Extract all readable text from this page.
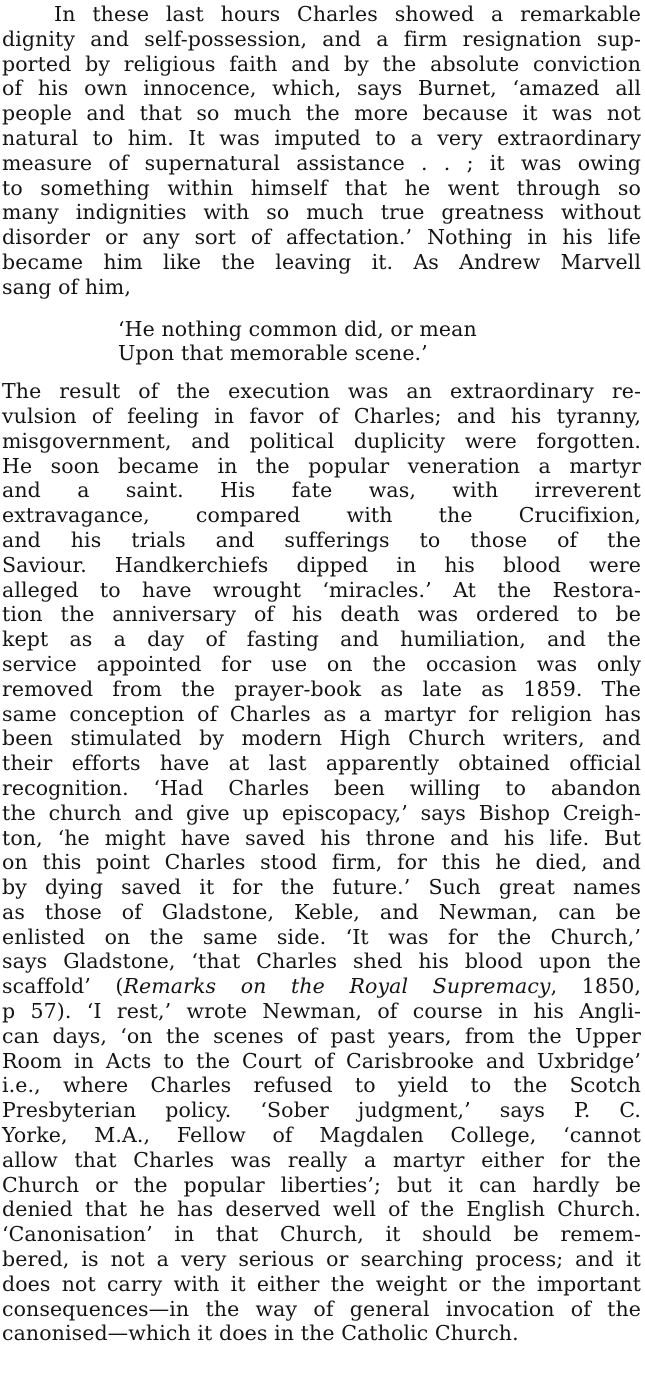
In these last hours Charles showed a remarkable
dignity and self-possession, and a firm resignation sup-
ported by religious faith and by the absolute conviction
of his own innocence, which, says Burnet, ‘amazed all
people and that so much the more because it was not
natural to him. It was imputed to a very extraordinary
measure of supernatural assistance . . ; it was owing
to something within himself that he went through so
many indignities with so much true greatness without
disorder or any sort of affectation.’ Nothing in his life
became him like the leaving it. As Andrew Marvell
sang of him,
‘He nothing common did, or mean
Upon that memorable scene.’
The result of the execution was an extraordinary re-
vulsion of feeling in favor of Charles; and his tyranny,
misgovernment, and political duplicity were forgotten.
He soon became in the popular veneration a martyr
and a saint. His fate was, with irreverent
extravagance, compared with the Crucifixion,
and his trials and sufferings to those of the
Saviour. Handkerchiefs dipped in his blood were
alleged to have wrought ‘miracles.’ At the Restora-
tion the anniversary of his death was ordered to be
kept as a day of fasting and humiliation, and the
service appointed for use on the occasion was only
removed from the prayer-book as late as 1859. The
same conception of Charles as a martyr for religion has
been stimulated by modern High Church writers, and
their efforts have at last apparently obtained official
recognition. ‘Had Charles been willing to abandon
the church and give up episcopacy,’ says Bishop Creigh-
ton, ‘he might have saved his throne and his life. But
on this point Charles stood firm, for this he died, and
by dying saved it for the future.’ Such great names
as those of Gladstone, Keble, and Newman, can be
enlisted on the same side. ‘It was for the Church,’
says Gladstone, ‘that Charles shed his blood upon the
scaffold’ (Remarks on the Royal Supremacy, 1850,
p 57). ‘I rest,’ wrote Newman, of course in his Angli-
can days, ‘on the scenes of past years, from the Upper
Room in Acts to the Court of Carisbrooke and Uxbridge’
i.e., where Charles refused to yield to the Scotch
Presbyterian policy. ‘Sober judgment,’ says P. C.
Yorke, M.A., Fellow of Magdalen College, ‘cannot
allow that Charles was really a martyr either for the
Church or the popular liberties’; but it can hardly be
denied that he has deserved well of the English Church.
‘Canonisation’ in that Church, it should be remem-
bered, is not a very serious or searching process; and it
does not carry with it either the weight or the important
consequences—in the way of general invocation of the
canonised—which it does in the Catholic Church.
